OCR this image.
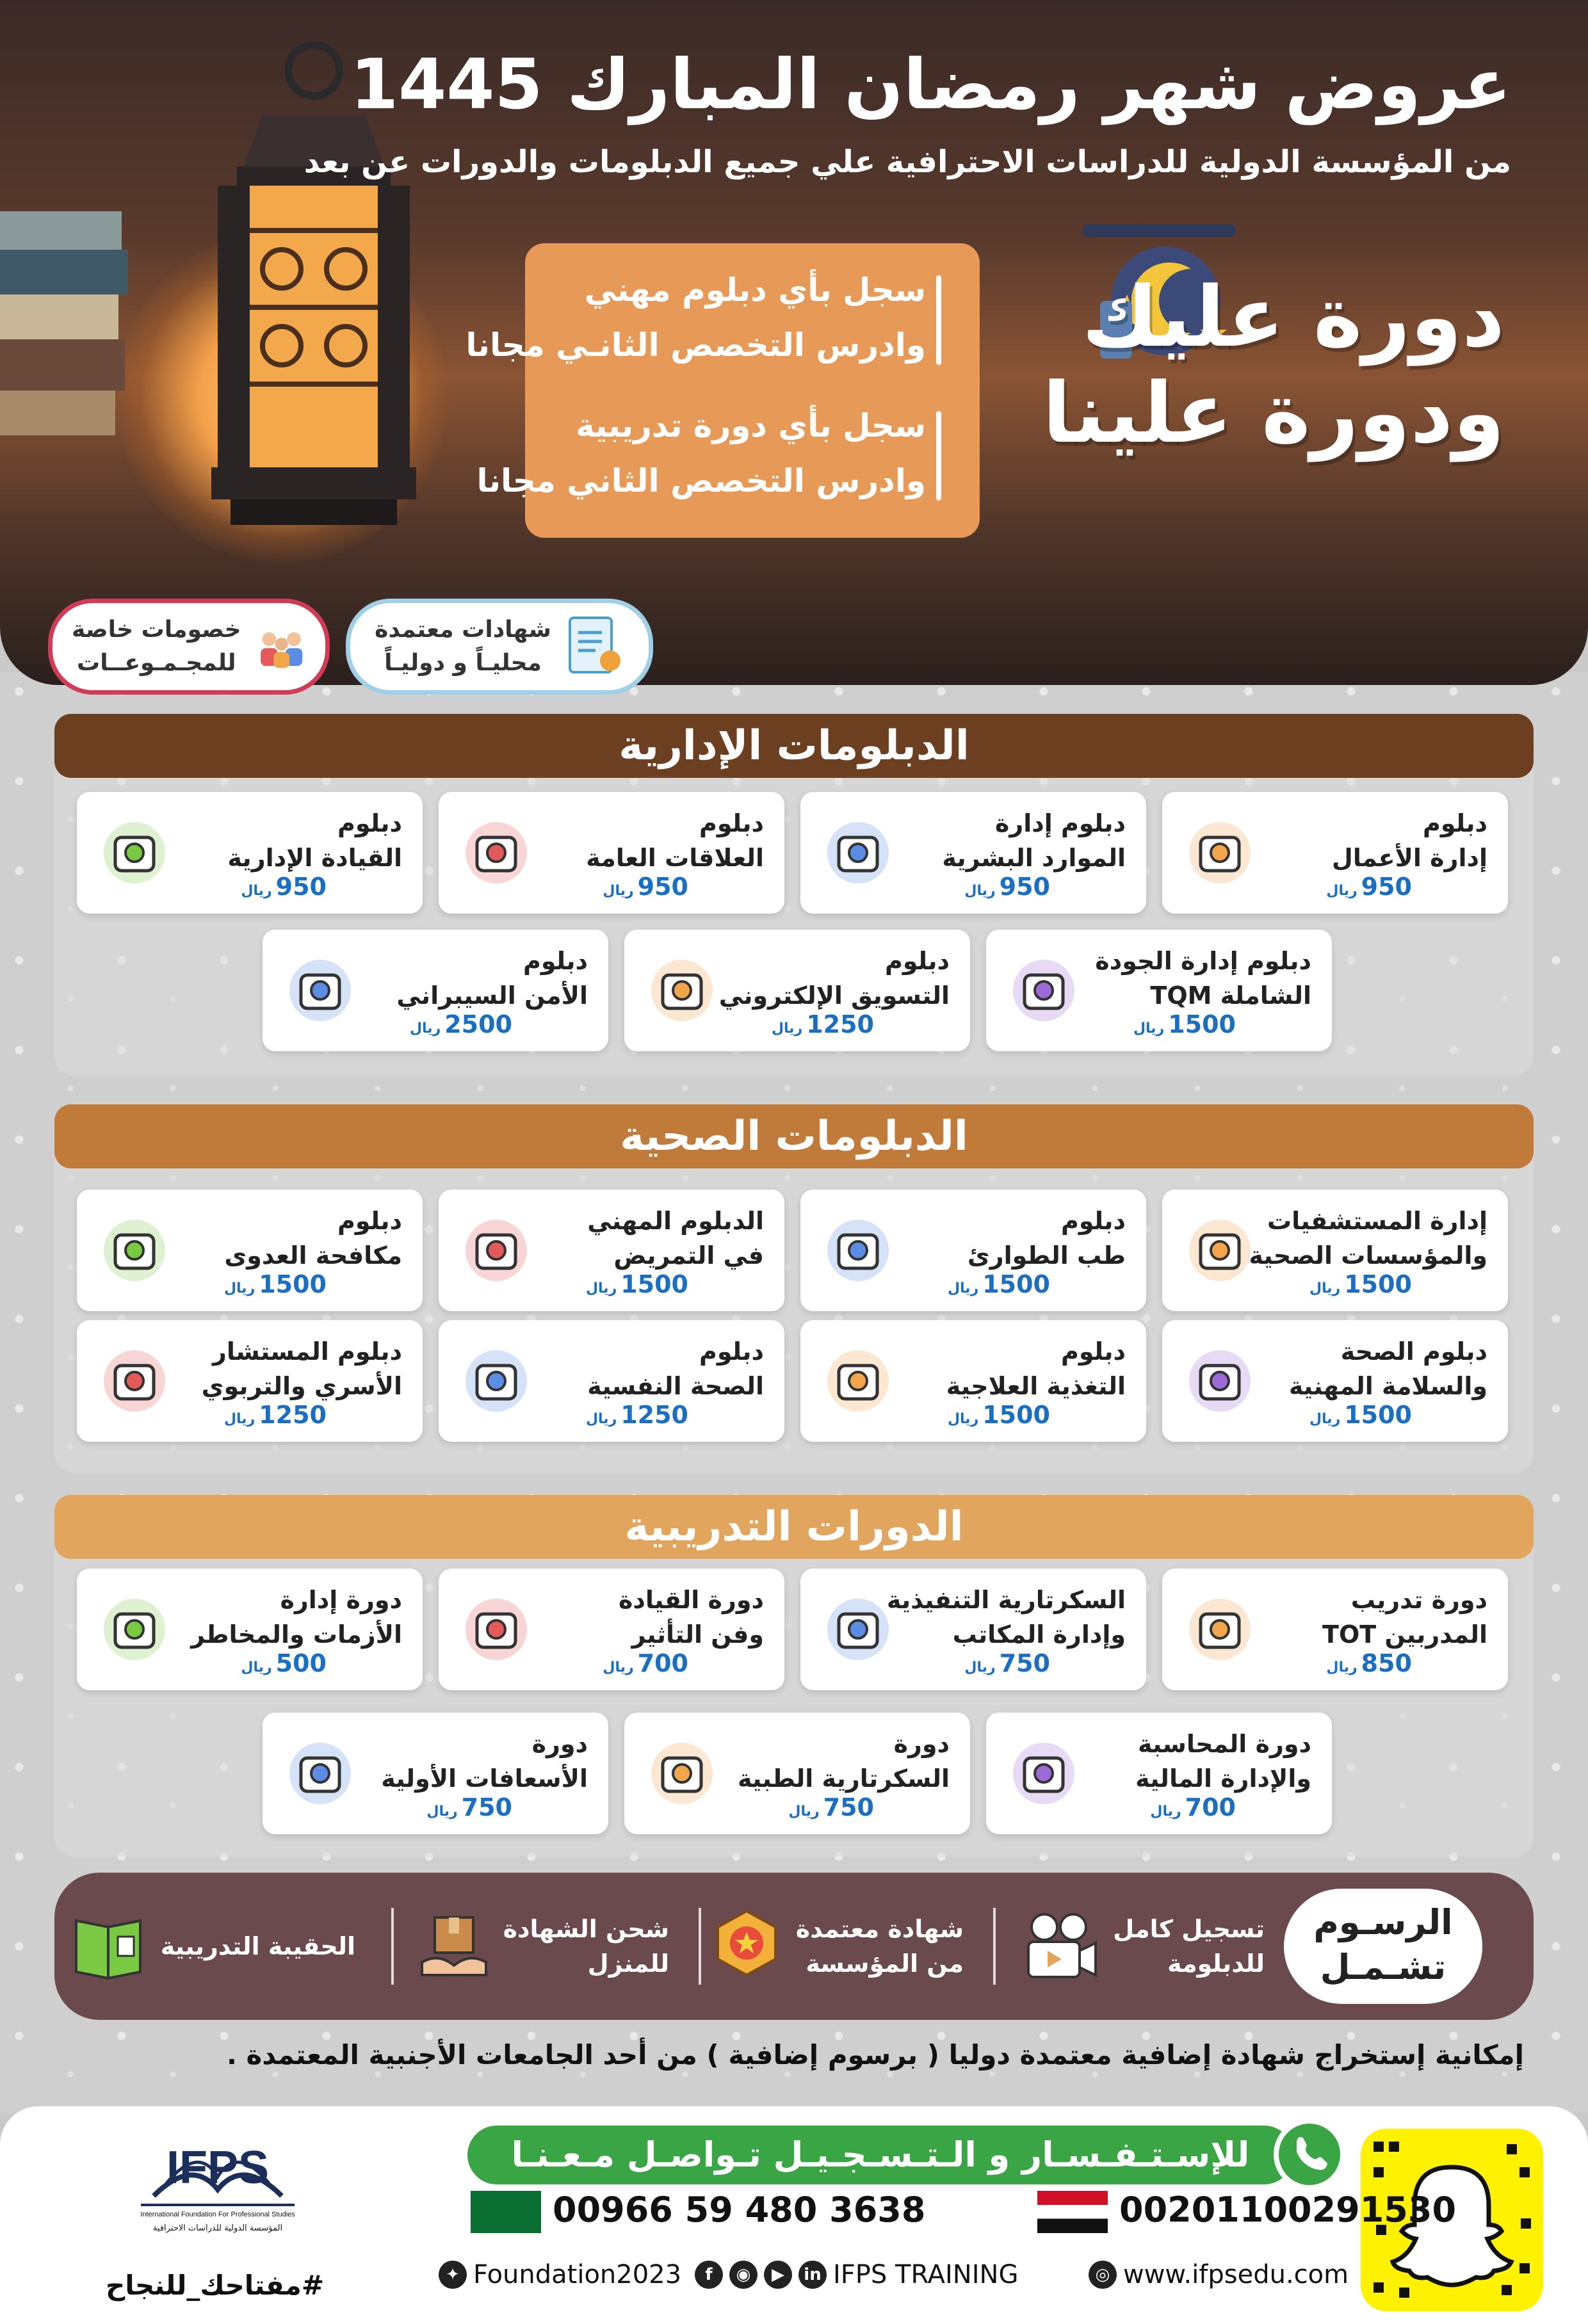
عروض شهر رمضان المبارك 1445
من المؤسسة الدولية للدراسات الاحترافية علي جميع الدبلومات والدورات عن بعد
سجل بأي دبلوم مهني
وادرس التخصص الثانـي مجانا
سجل بأي دورة تدريبية
وادرس التخصص الثاني مجانا
دورة عليك
ودورة علينا
شهادات معتمدة
محليـاً و دوليـاً
خصومات خاصة
للمجـمـوعــات
الدبلومات الإدارية
دبلوم
إدارة الأعمال
950ريال
دبلوم إدارة
الموارد البشرية
950ريال
دبلوم
العلاقات العامة
950ريال
دبلوم
القيادة الإدارية
950ريال
دبلوم إدارة الجودة
الشاملة TQM
1500ريال
دبلوم
التسويق الإلكتروني
1250ريال
دبلوم
الأمن السيبراني
2500ريال
الدبلومات الصحية
إدارة المستشفيات
والمؤسسات الصحية
1500ريال
دبلوم
طب الطوارئ
1500ريال
الدبلوم المهني
في التمريض
1500ريال
دبلوم
مكافحة العدوى
1500ريال
دبلوم الصحة
والسلامة المهنية
1500ريال
دبلوم
التغذية العلاجية
1500ريال
دبلوم
الصحة النفسية
1250ريال
دبلوم المستشار
الأسري والتربوي
1250ريال
الدورات التدريبية
دورة تدريب
المدربين TOT
850ريال
السكرتارية التنفيذية
وإدارة المكاتب
750ريال
دورة القيادة
وفن التأثير
700ريال
دورة إدارة
الأزمات والمخاطر
500ريال
دورة المحاسبة
والإدارة المالية
700ريال
دورة
السكرتارية الطبية
750ريال
دورة
الأسعافات الأولية
750ريال
الرسـوم
تشـمـل
تسجيل كامل
للدبلومة
شهادة معتمدة
من المؤسسة
شحن الشهادة
للمنزل
الحقيبة التدريبية
إمكانية إستخراج شهادة إضافية معتمدة دوليا ( برسوم إضافية ) من أحد الجامعات الأجنبية المعتمدة .
للإسـتـفـسـار و الـتـسـجـيـل تـواصـل مـعـنـا
00201100291530
00966 59 480 3638
◎ www.ifpsedu.com
f	◉	▶	in IFPS TRAINING
✦ Foundation2023
IFPS
International Foundation For Professional Studies
المؤسسة الدولية للدراسات الاحترافية
#مفتاحك_للنجاح
